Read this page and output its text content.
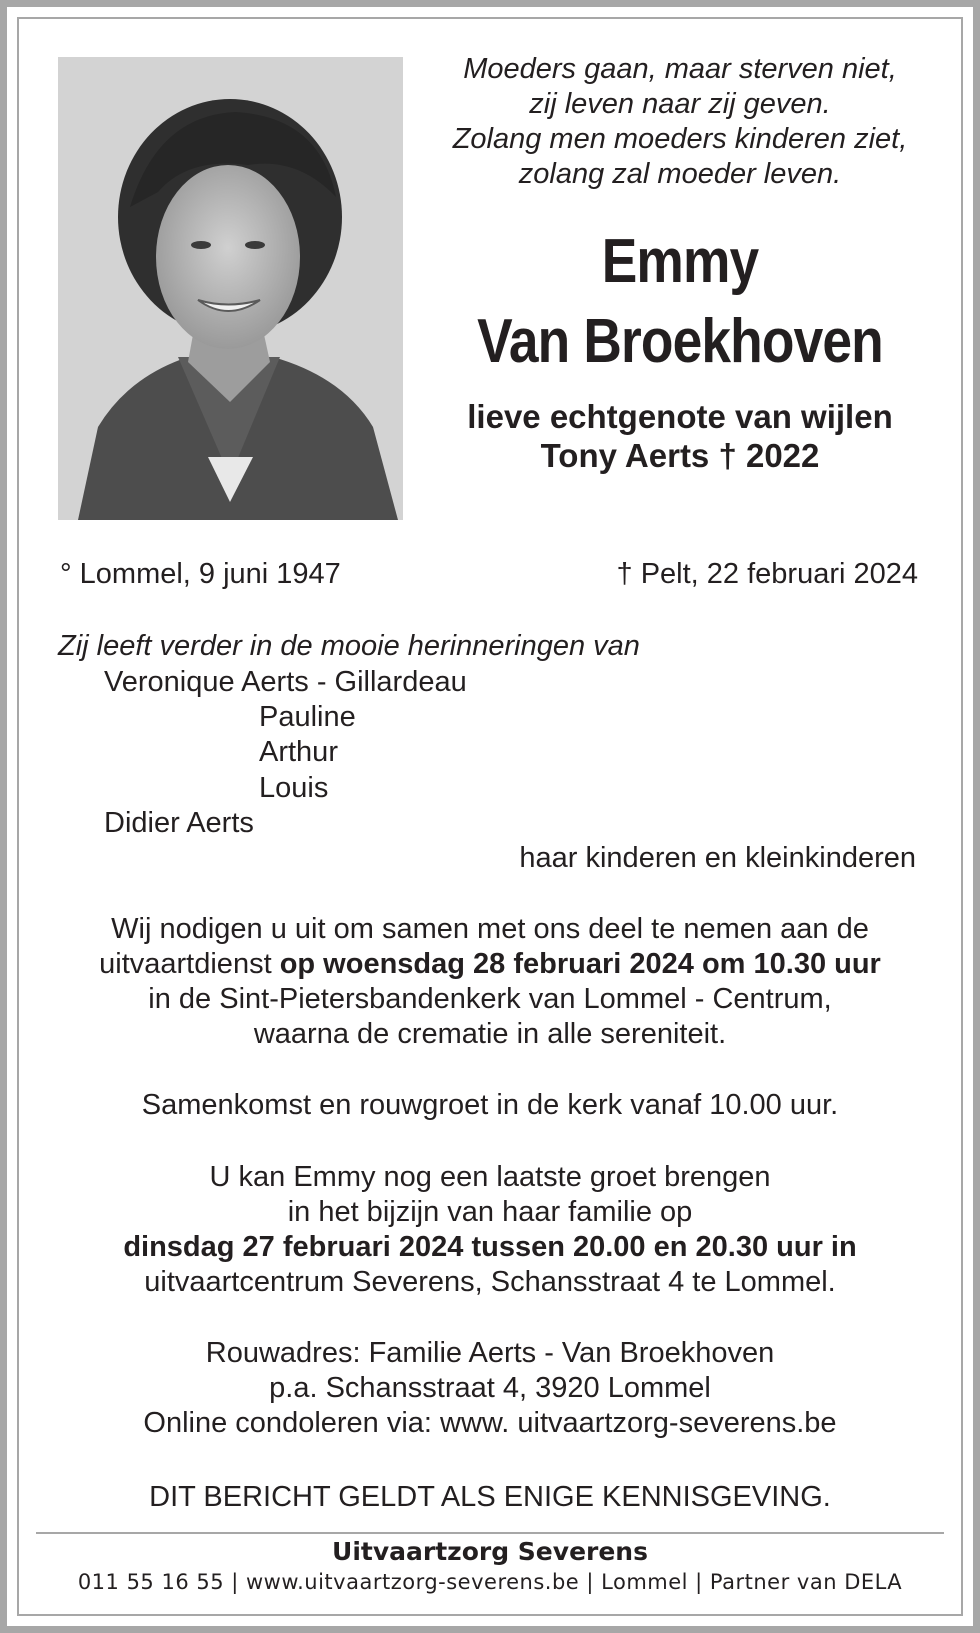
Moeders gaan, maar sterven niet,
zij leven naar zij geven.
Zolang men moeders kinderen ziet,
zolang zal moeder leven.
Emmy
Van Broekhoven
lieve echtgenote van wijlen
Tony Aerts † 2022
° Lommel, 9 juni 1947	† Pelt, 22 februari 2024
Zij leeft verder in de mooie herinneringen van
Veronique Aerts - Gillardeau
Pauline
Arthur
Louis
Didier Aerts
haar kinderen en kleinkinderen
Wij nodigen u uit om samen met ons deel te nemen aan de
uitvaartdienst op woensdag 28 februari 2024 om 10.30 uur
in de Sint-Pietersbandenkerk van Lommel - Centrum,
waarna de crematie in alle sereniteit.
Samenkomst en rouwgroet in de kerk vanaf 10.00 uur.
U kan Emmy nog een laatste groet brengen
in het bijzijn van haar familie op
dinsdag 27 februari 2024 tussen 20.00 en 20.30 uur in
uitvaartcentrum Severens, Schansstraat 4 te Lommel.
Rouwadres: Familie Aerts - Van Broekhoven
p.a. Schansstraat 4, 3920 Lommel
Online condoleren via: www. uitvaartzorg-severens.be
DIT BERICHT GELDT ALS ENIGE KENNISGEVING.
Uitvaartzorg Severens
011 55 16 55 | www.uitvaartzorg-severens.be | Lommel | Partner van DELA
